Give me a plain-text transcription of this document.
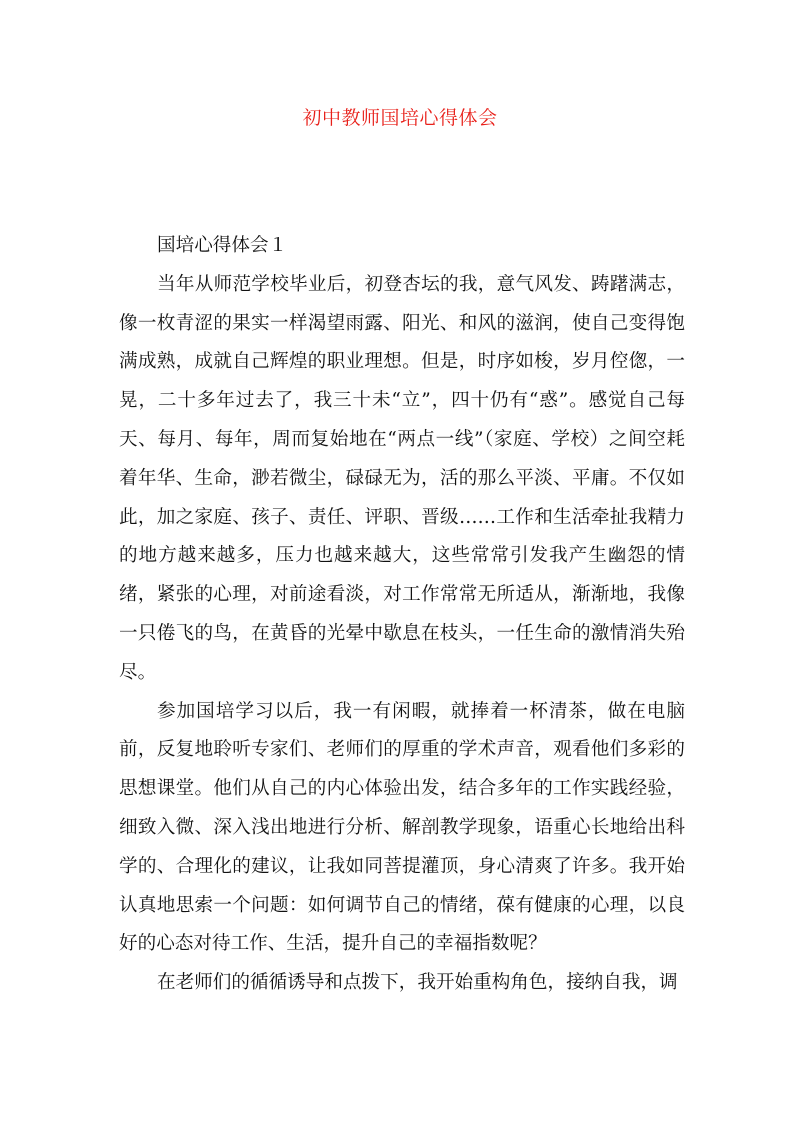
初中教师国培心得体会

国培心得体会１

当年从师范学校毕业后，初登杏坛的我，意气风发、踌躇满志，像一枚青涩的果实一样渴望雨露、阳光、和风的滋润，使自己变得饱满成熟，成就自己辉煌的职业理想。但是，时序如梭，岁月倥偬，一晃，二十多年过去了，我三十未“立”，四十仍有“惑”。感觉自己每天、每月、每年，周而复始地在“两点一线”（家庭、学校）之间空耗着年华、生命，渺若微尘，碌碌无为，活的那么平淡、平庸。不仅如此，加之家庭、孩子、责任、评职、晋级……工作和生活牵扯我精力的地方越来越多，压力也越来越大，这些常常引发我产生幽怨的情绪，紧张的心理，对前途看淡，对工作常常无所适从，渐渐地，我像一只倦飞的鸟，在黄昏的光晕中歇息在枝头，一任生命的激情消失殆尽。

参加国培学习以后，我一有闲暇，就捧着一杯清茶，做在电脑前，反复地聆听专家们、老师们的厚重的学术声音，观看他们多彩的思想课堂。他们从自己的内心体验出发，结合多年的工作实践经验，细致入微、深入浅出地进行分析、解剖教学现象，语重心长地给出科学的、合理化的建议，让我如同菩提灌顶，身心清爽了许多。我开始认真地思索一个问题：如何调节自己的情绪，葆有健康的心理，以良好的心态对待工作、生活，提升自己的幸福指数呢？

在老师们的循循诱导和点拨下，我开始重构角色，接纳自我，调
